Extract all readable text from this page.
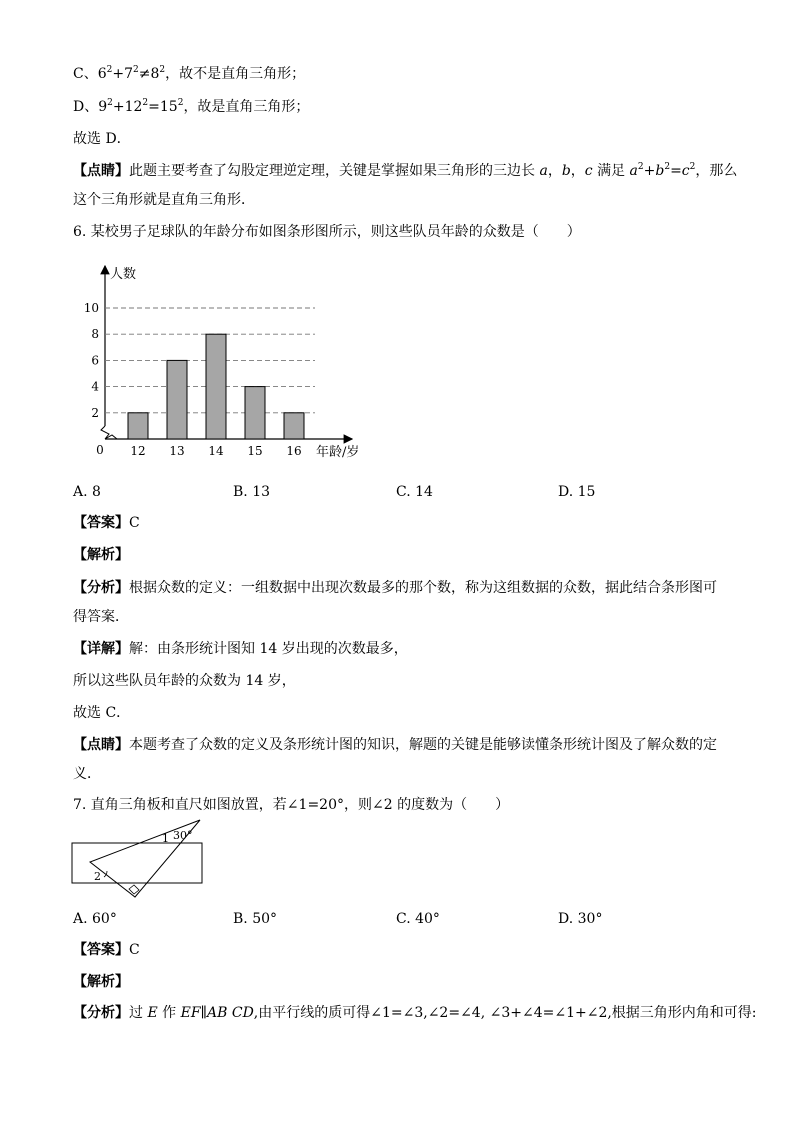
C、$6^2+7^2\ne 8^2$，故不是直角三角形；
D、$9^2+12^2=15^2$，故是直角三角形；
故选 D．
【点睛】此题主要考查了勾股定理逆定理，关键是掌握如果三角形的三边长 a，b，c 满足 $a^2+b^2=c^2$，那么
这个三角形就是直角三角形．
6. 某校男子足球队的年龄分布如图条形图所示，则这些队员年龄的众数是（　　）
人数
年龄/岁
0
2
4
6
8
10
12 13 14 15 16
A. 8	B. 13	C. 14	D. 15
【答案】C
【解析】
【分析】根据众数的定义：一组数据中出现次数最多的那个数，称为这组数据的众数，据此结合条形图可
得答案．
【详解】解：由条形统计图知 14 岁出现的次数最多，
所以这些队员年龄的众数为 14 岁，
故选 C．
【点睛】本题考查了众数的定义及条形统计图的知识，解题的关键是能够读懂条形统计图及了解众数的定
义．
7. 直角三角板和直尺如图放置，若∠1=20°，则∠2 的度数为（　　）
30°
1
2
A. 60°	B. 50°	C. 40°	D. 30°
【答案】C
【解析】
【分析】过 E 作 EF∥AB CD,由平行线的质可得∠1=∠3,∠2=∠4, ∠3+∠4=∠1+∠2,根据三角形内角和可得:
